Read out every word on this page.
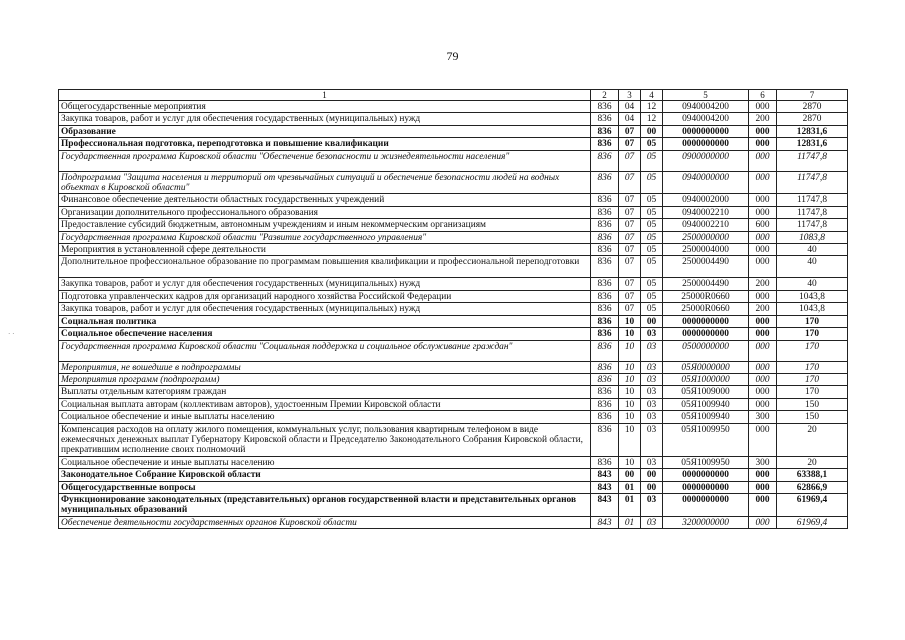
79
· ·
1	2	3	4	5	6	7
Общегосударственные мероприятия	836	04	12	0940004200	000	2870
Закупка товаров, работ и услуг для обеспечения государственных (муниципальных) нужд	836	04	12	0940004200	200	2870
Образование	836	07	00	0000000000	000	12831,6
Профессиональная подготовка, переподготовка и повышение квалификации	836	07	05	0000000000	000	12831,6
Государственная программа Кировской области "Обеспечение безопасности и жизнедеятельности населения"	836	07	05	0900000000	000	11747,8
Подпрограмма "Защита населения и территорий от чрезвычайных ситуаций и обеспечение безопасности людей на водных объектах в Кировской области"	836	07	05	0940000000	000	11747,8
Финансовое обеспечение деятельности областных государственных учреждений	836	07	05	0940002000	000	11747,8
Организации дополнительного профессионального образования	836	07	05	0940002210	000	11747,8
Предоставление субсидий бюджетным, автономным учреждениям и иным некоммерческим организациям	836	07	05	0940002210	600	11747,8
Государственная программа Кировской области "Развитие государственного управления"	836	07	05	2500000000	000	1083,8
Мероприятия в установленной сфере деятельности	836	07	05	2500004000	000	40
Дополнительное профессиональное образование по программам повышения квалификации и профессиональной переподготовки	836	07	05	2500004490	000	40
Закупка товаров, работ и услуг для обеспечения государственных (муниципальных) нужд	836	07	05	2500004490	200	40
Подготовка управленческих кадров для организаций народного хозяйства Российской Федерации	836	07	05	25000R0660	000	1043,8
Закупка товаров, работ и услуг для обеспечения государственных (муниципальных) нужд	836	07	05	25000R0660	200	1043,8
Социальная политика	836	10	00	0000000000	000	170
Социальное обеспечение населения	836	10	03	0000000000	000	170
Государственная программа Кировской области "Социальная поддержка и социальное обслуживание граждан"	836	10	03	0500000000	000	170
Мероприятия, не вошедшие в подпрограммы	836	10	03	05Я0000000	000	170
Мероприятия программ (подпрограмм)	836	10	03	05Я1000000	000	170
Выплаты отдельным категориям граждан	836	10	03	05Я1009000	000	170
Социальная выплата авторам (коллективам авторов), удостоенным Премии Кировской области	836	10	03	05Я1009940	000	150
Социальное обеспечение и иные выплаты населению	836	10	03	05Я1009940	300	150
Компенсация расходов на оплату жилого помещения, коммунальных услуг, пользования квартирным телефоном в виде ежемесячных денежных выплат Губернатору Кировской области и Председателю Законодательного Собрания Кировской области, прекратившим исполнение своих полномочий	836	10	03	05Я1009950	000	20
Социальное обеспечение и иные выплаты населению	836	10	03	05Я1009950	300	20
Законодательное Собрание Кировской области	843	00	00	0000000000	000	63388,1
Общегосударственные вопросы	843	01	00	0000000000	000	62866,9
Функционирование законодательных (представительных) органов государственной власти и представительных органов муниципальных образований	843	01	03	0000000000	000	61969,4
Обеспечение деятельности государственных органов Кировской области	843	01	03	3200000000	000	61969,4
